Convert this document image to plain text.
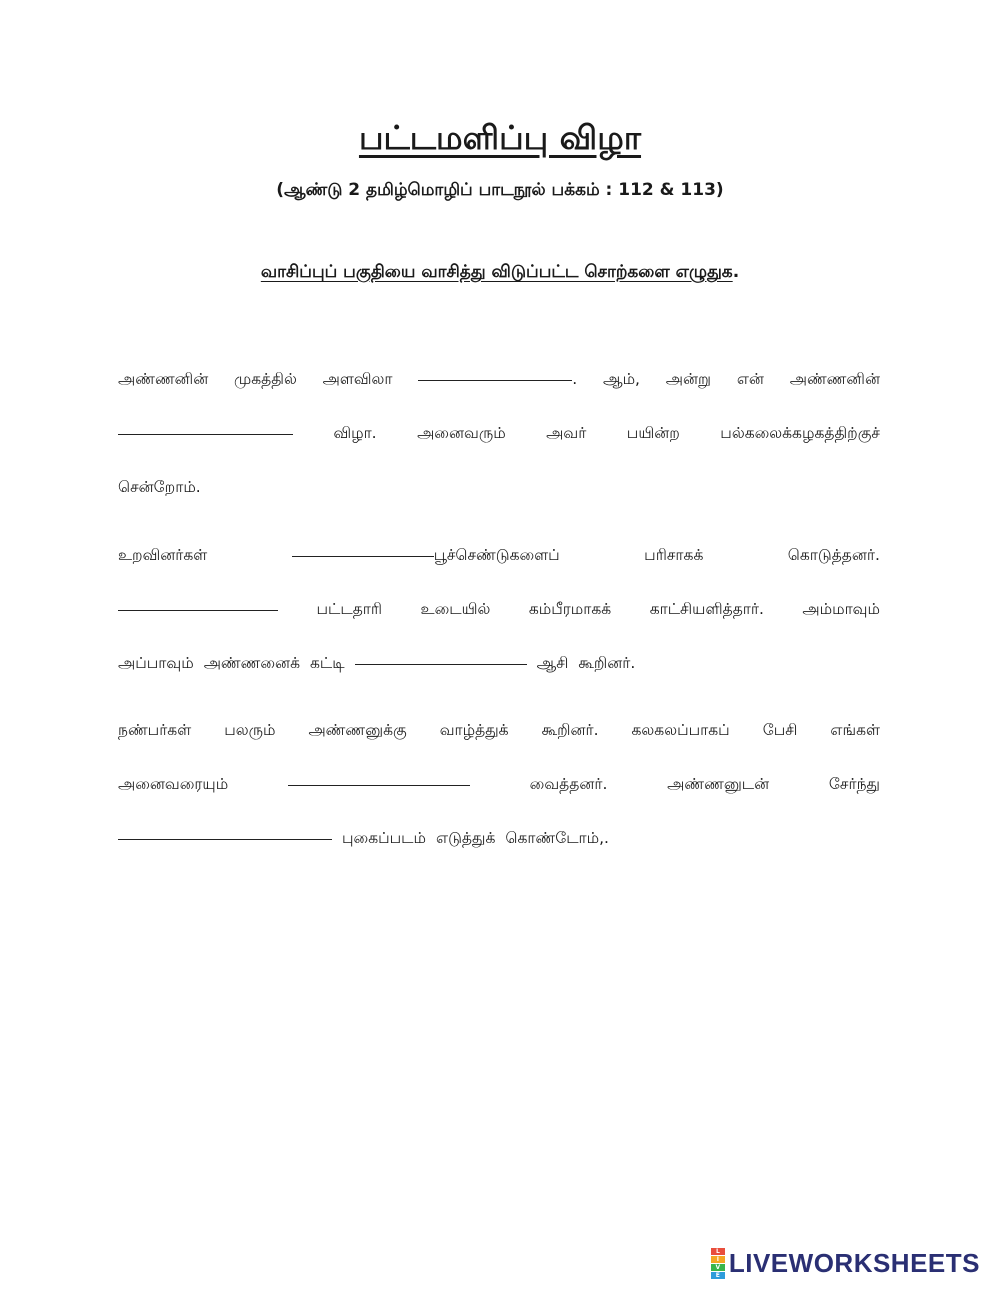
பட்டமளிப்பு விழா
(ஆண்டு 2 தமிழ்மொழிப் பாடநூல் பக்கம் : 112 & 113)
வாசிப்புப் பகுதியை வாசித்து விடுப்பட்ட சொற்களை எழுதுக.
அண்ணனின் முகத்தில் அளவிலா	. ஆம், அன்று என் அண்ணனின்
விழா.	அனைவரும்	அவர்	பயின்ற	பல்கலைக்கழகத்திற்குச்
சென்றோம்.
உறவினர்கள்	பூச்செண்டுகளைப்	பரிசாகக்	கொடுத்தனர்.
பட்டதாரி உடையில் கம்பீரமாகக் காட்சியளித்தார். அம்மாவும்
அப்பாவும் அண்ணனைக் கட்டி	ஆசி கூறினர்.
நண்பர்கள் பலரும் அண்ணனுக்கு வாழ்த்துக் கூறினர். கலகலப்பாகப் பேசி எங்கள்
அனைவரையும்	வைத்தனர்.	அண்ணனுடன்	சேர்ந்து
புகைப்படம் எடுத்துக் கொண்டோம்,.
L
I
V
E LIVEWORKSHEETS
